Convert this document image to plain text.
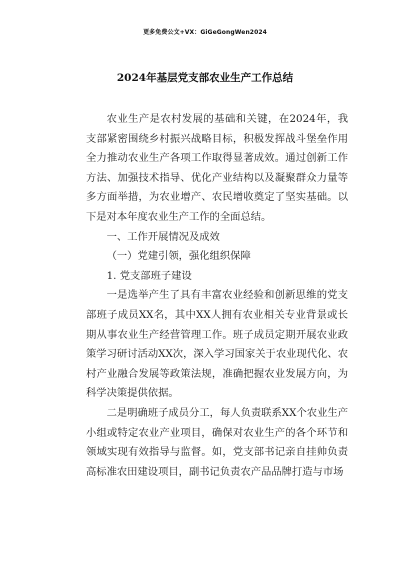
更多免费公文+VX：GiGeGongWen2024
2024年基层党支部农业生产工作总结

农业生产是农村发展的基础和关键，在2024年，我支部紧密围绕乡村振兴战略目标，积极发挥战斗堡垒作用全力推动农业生产各项工作取得显著成效。通过创新工作方法、加强技术指导、优化产业结构以及凝聚群众力量等多方面举措，为农业增产、农民增收奠定了坚实基础。以下是对本年度农业生产工作的全面总结。

一、工作开展情况及成效

（一）党建引领，强化组织保障

1. 党支部班子建设

一是选举产生了具有丰富农业经验和创新思维的党支部班子成员XX名，其中XX人拥有农业相关专业背景或长期从事农业生产经营管理工作。班子成员定期开展农业政策学习研讨活动XX次，深入学习国家关于农业现代化、农村产业融合发展等政策法规，准确把握农业发展方向，为科学决策提供依据。

二是明确班子成员分工，每人负责联系XX个农业生产小组或特定农业产业项目，确保对农业生产的各个环节和领域实现有效指导与监督。如，党支部书记亲自挂帅负责高标准农田建设项目，副书记负责农产品品牌打造与市场
